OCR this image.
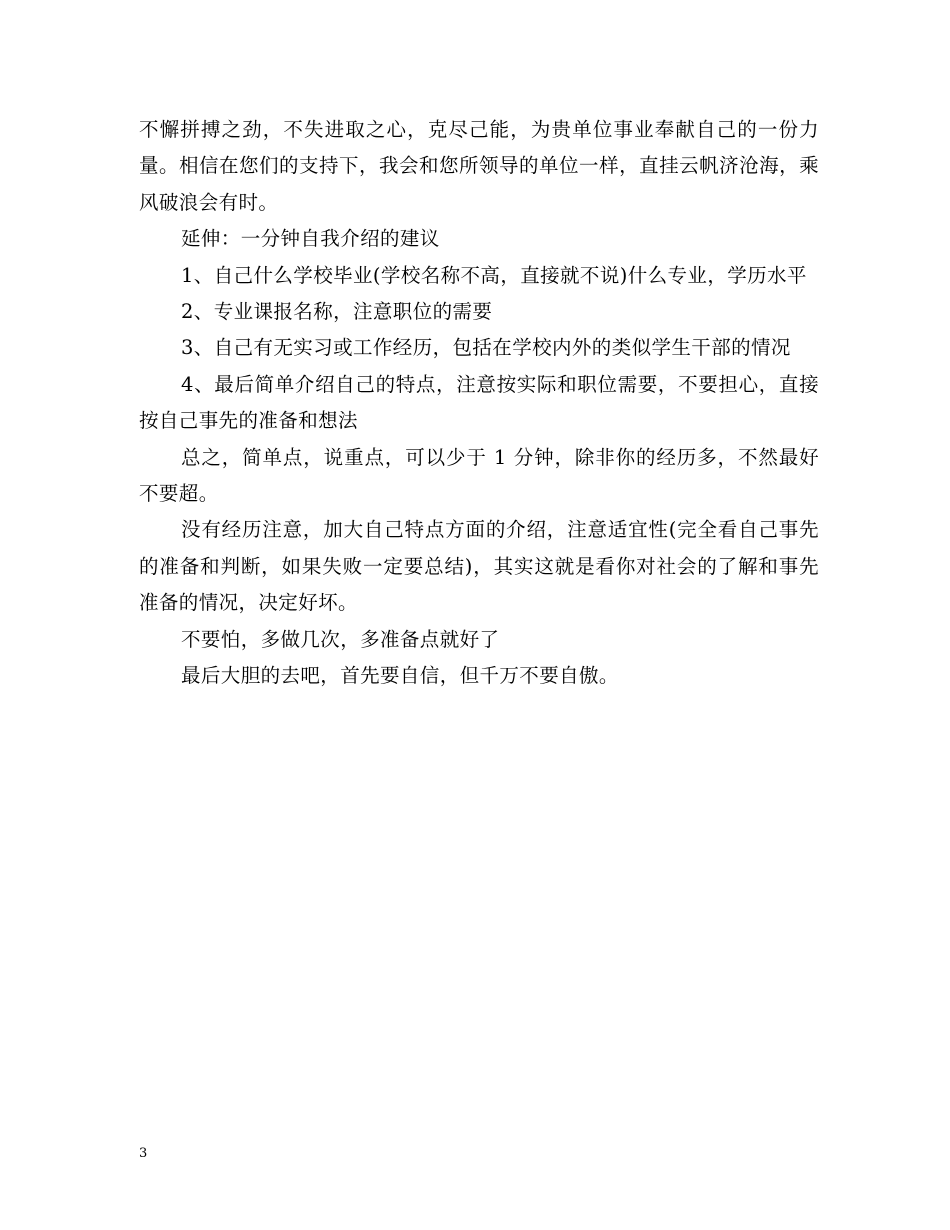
不懈拼搏之劲，不失进取之心，克尽己能，为贵单位事业奉献自己的一份力量。相信在您们的支持下，我会和您所领导的单位一样，直挂云帆济沧海，乘风破浪会有时。

延伸：一分钟自我介绍的建议

1、自己什么学校毕业(学校名称不高，直接就不说)什么专业，学历水平

2、专业课报名称，注意职位的需要

3、自己有无实习或工作经历，包括在学校内外的类似学生干部的情况

4、最后简单介绍自己的特点，注意按实际和职位需要，不要担心，直接按自己事先的准备和想法

总之，简单点，说重点，可以少于 1 分钟，除非你的经历多，不然最好不要超。

没有经历注意，加大自己特点方面的介绍，注意适宜性(完全看自己事先的准备和判断，如果失败一定要总结)，其实这就是看你对社会的了解和事先准备的情况，决定好坏。

不要怕，多做几次，多准备点就好了

最后大胆的去吧，首先要自信，但千万不要自傲。

3
